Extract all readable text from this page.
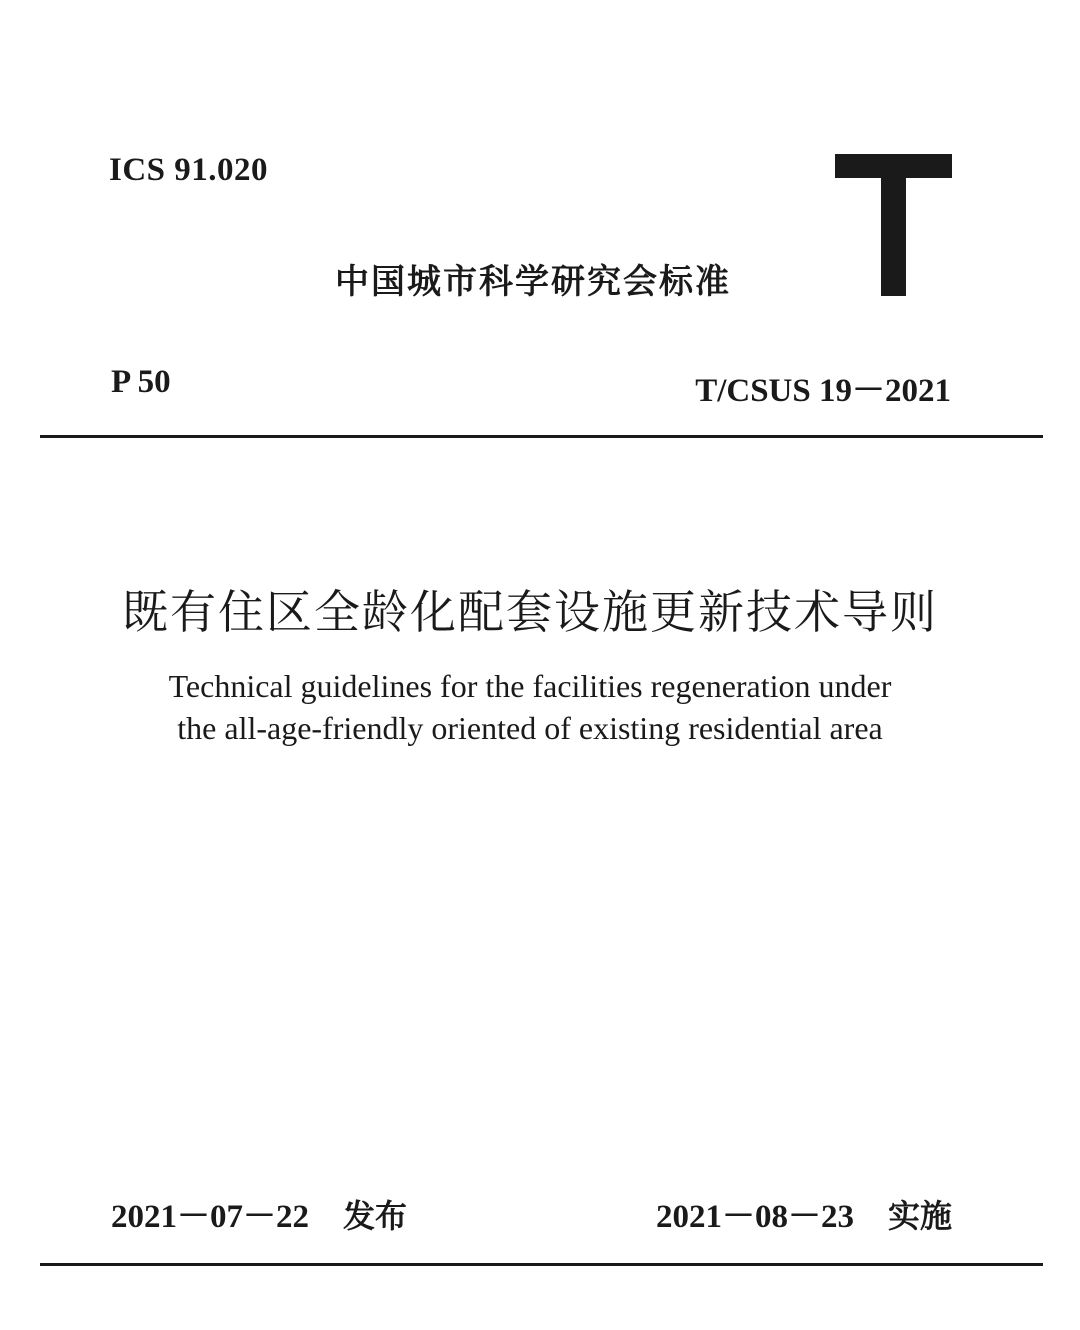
ICS 91.020
中国城市科学研究会标准
P 50	T/CSUS 19－2021
既有住区全龄化配套设施更新技术导则
Technical guidelines for the facilities regeneration under
the all-age-friendly oriented of existing residential area
2021－07－22 发布	2021－08－23 实施
